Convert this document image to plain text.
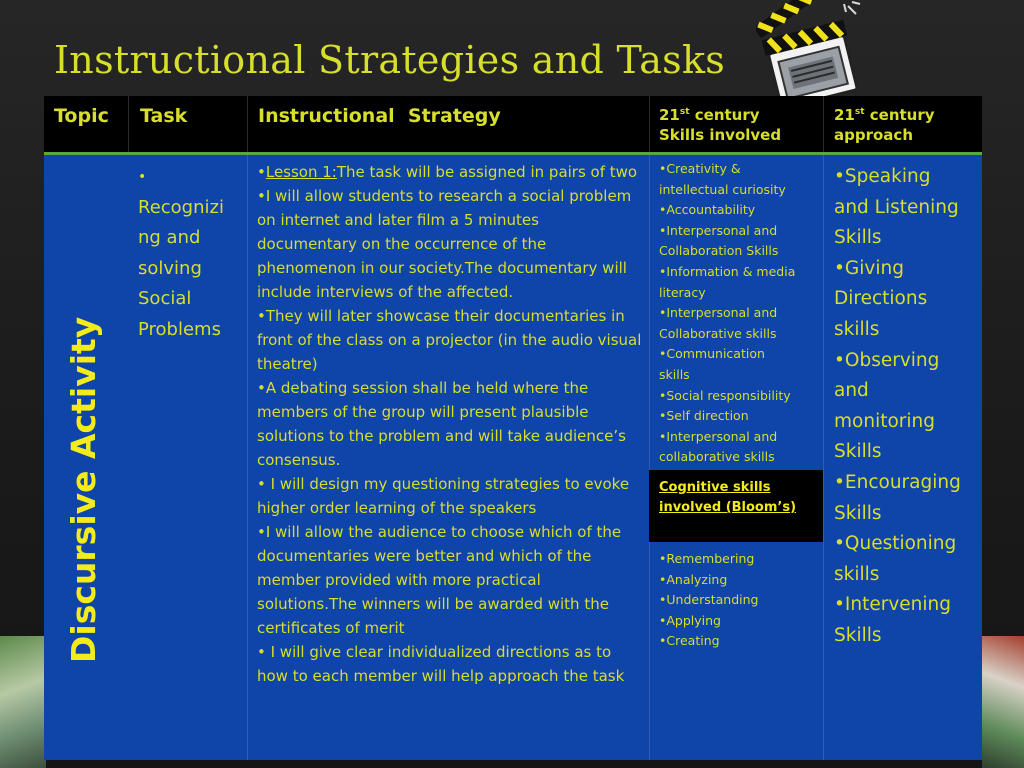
Instructional Strategies and Tasks
Topic Task	Instructional  Strategy	21st century
Skills involved
21st century
approach
Discursive Activity
•
Recognizi
ng and
solving
Social
Problems
•Lesson 1:The task will be assigned in pairs of two
•I will allow students to research a social problem on internet and later film a 5 minutes documentary on the occurrence of the phenomenon in our society.The documentary will include interviews of the affected.
•They will later showcase their documentaries in front of the class on a projector (in the audio visual theatre)
•A debating session shall be held where the members of the group will present plausible solutions to the problem and will take audience’s consensus.
• I will design my questioning strategies to evoke higher order learning of the speakers
•I will allow the audience to choose which of the documentaries were better and which of the member provided with more practical solutions.The winners will be awarded with the certificates of merit
• I will give clear individualized directions as to how to each member will help approach the task
•Creativity &
intellectual curiosity
•Accountability
•Interpersonal and
Collaboration Skills
•Information & media
literacy
•Interpersonal and
Collaborative skills
•Communication
skills
•Social responsibility
•Self direction
•Interpersonal and
collaborative skills
Cognitive skills
involved (Bloom’s)
•Remembering
•Analyzing
•Understanding
•Applying
•Creating
•Speaking
and Listening
Skills
•Giving
Directions
skills
•Observing
and
monitoring
Skills
•Encouraging
Skills
•Questioning
skills
•Intervening
Skills
